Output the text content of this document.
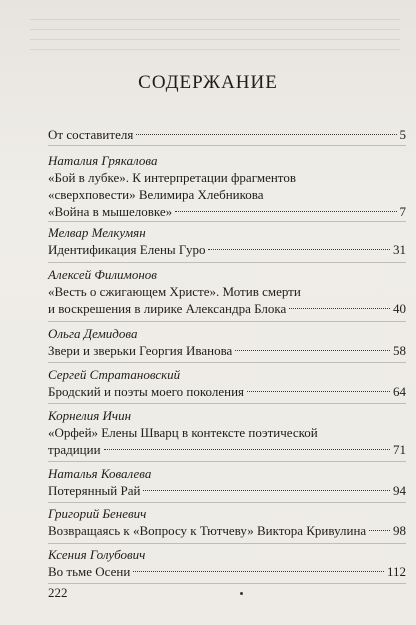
СОДЕРЖАНИЕ
От составителя	5
Наталия Грякалова
«Бой в лубке». К интерпретации фрагментов
«сверхповести» Велимира Хлебникова
«Война в мышеловке»	7
Мелвар Мелкумян
Идентификация Елены Гуро	31
Алексей Филимонов
«Весть о сжигающем Христе». Мотив смерти
и воскрешения в лирике Александра Блока	40
Ольга Демидова
Звери и зверьки Георгия Иванова	58
Сергей Стратановский
Бродский и поэты моего поколения	64
Корнелия Ичин
«Орфей» Елены Шварц в контексте поэтической
традиции	71
Наталья Ковалева
Потерянный Рай	94
Григорий Беневич
Возвращаясь к «Вопросу к Тютчеву» Виктора Кривулина 98
Ксения Голубович
Во тьме Осени	112
222
